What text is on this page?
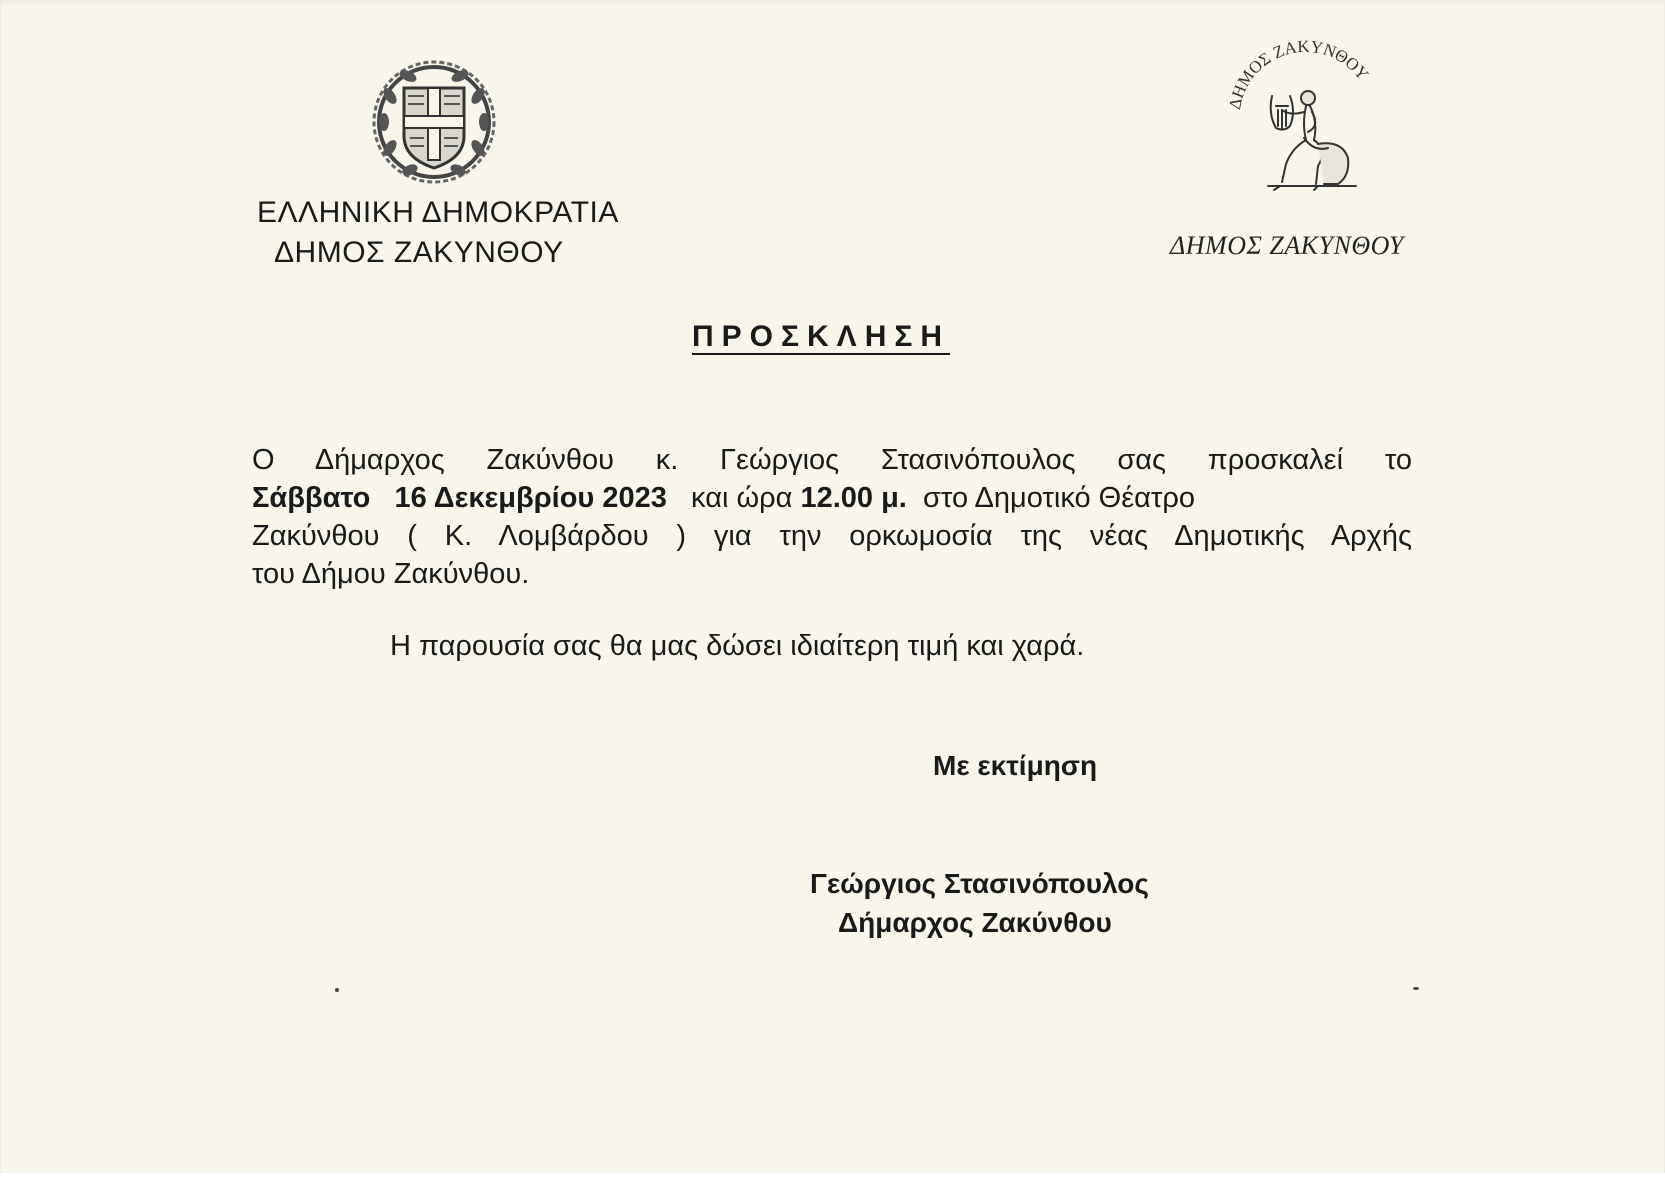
ΕΛΛΗΝΙΚΗ ΔΗΜΟΚΡΑΤΙΑ
ΔΗΜΟΣ ΖΑΚΥΝΘΟΥ
ΔΗΜΟΣ ΖΑΚΥΝΘΟΥ
ΔΗΜΟΣ ΖΑΚΥΝΘΟΥ
ΠΡΟΣΚΛΗΣΗ
Ο Δήμαρχος Ζακύνθου κ. Γεώργιος Στασινόπουλος σας προσκαλεί το
Σάββατο 16 Δεκεμβρίου 2023 και ώρα 12.00 μ. στο Δημοτικό Θέατρο
Ζακύνθου ( Κ. Λομβάρδου ) για την ορκωμοσία της νέας Δημοτικής Αρχής
του Δήμου Ζακύνθου.
Η παρουσία σας θα μας δώσει ιδιαίτερη τιμή και χαρά.
Με εκτίμηση
Γεώργιος Στασινόπουλος
Δήμαρχος Ζακύνθου
